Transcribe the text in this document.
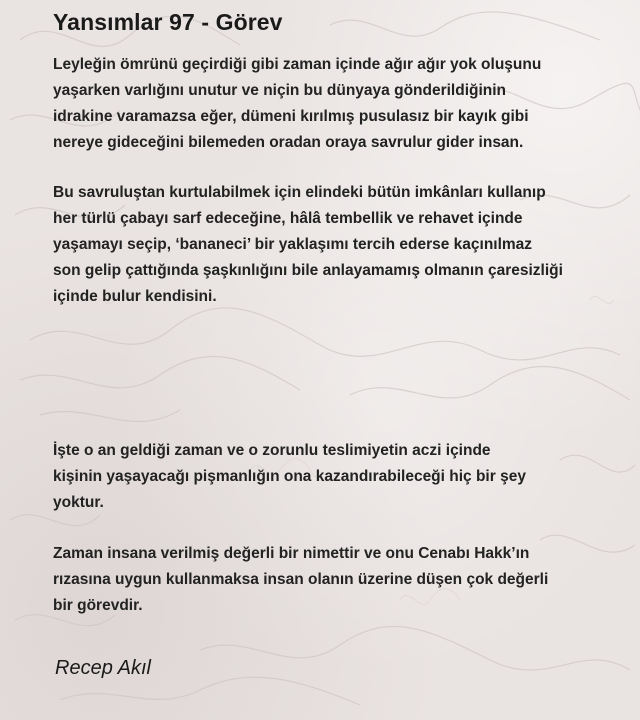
Yansımlar 97 - Görev

Leyleğin ömrünü geçirdiği gibi zaman içinde ağır ağır yok oluşunu
yaşarken varlığını unutur ve niçin bu dünyaya gönderildiğinin
idrakine varamazsa eğer, dümeni kırılmış pusulasız bir kayık gibi
nereye gideceğini bilemeden oradan oraya savrulur gider insan.

Bu savruluştan kurtulabilmek için elindeki bütün imkânları kullanıp
her türlü çabayı sarf edeceğine, hâlâ tembellik ve rehavet içinde
yaşamayı seçip, ‘bananeci’ bir yaklaşımı tercih ederse kaçınılmaz
son gelip çattığında şaşkınlığını bile anlayamamış olmanın çaresizliği
içinde bulur kendisini.

İşte o an geldiği zaman ve o zorunlu teslimiyetin aczi içinde
kişinin yaşayacağı pişmanlığın ona kazandırabileceği hiç bir şey
yoktur.

Zaman insana verilmiş değerli bir nimettir ve onu Cenabı Hakk’ın
rızasına uygun kullanmaksa insan olanın üzerine düşen çok değerli
bir görevdir.

Recep Akıl
